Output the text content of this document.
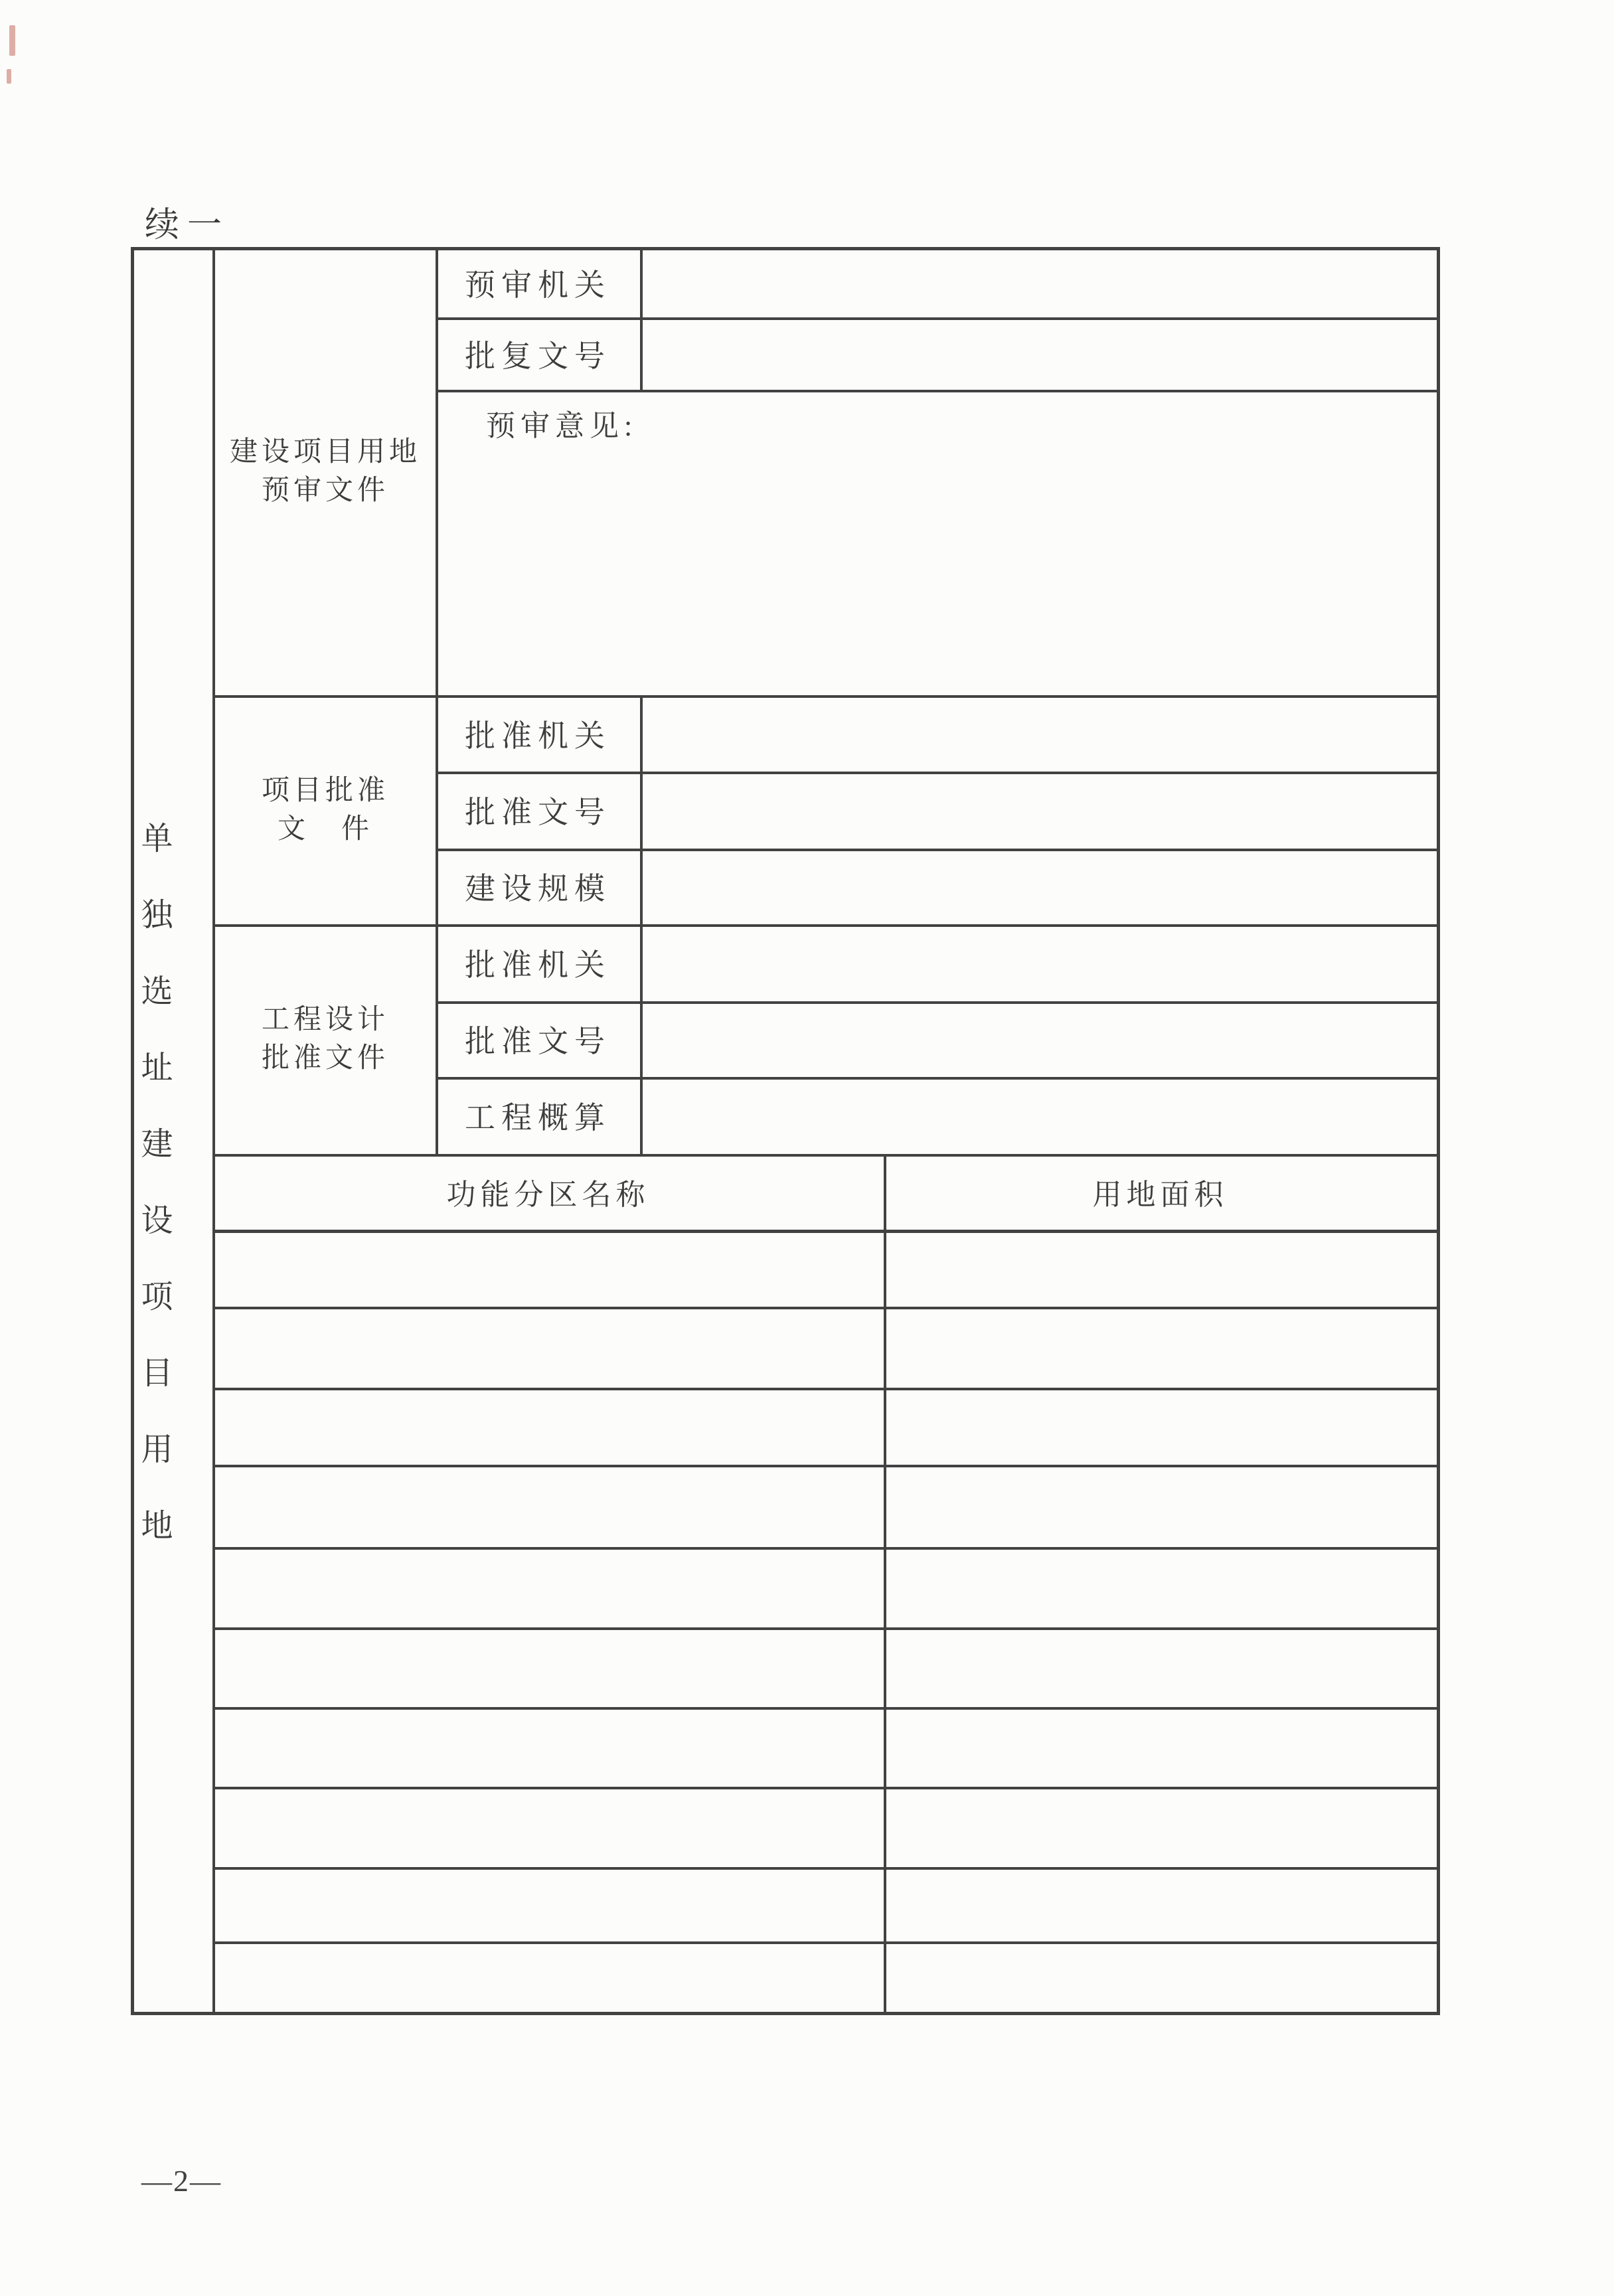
续一
单独选址建设项目用地
建设项目用地
预审文件
预审机关
批复文号
预审意见:
项目批准
文　件
批准机关
批准文号
建设规模
工程设计
批准文件
批准机关
批准文号
工程概算
功能分区名称	用地面积
—2—
